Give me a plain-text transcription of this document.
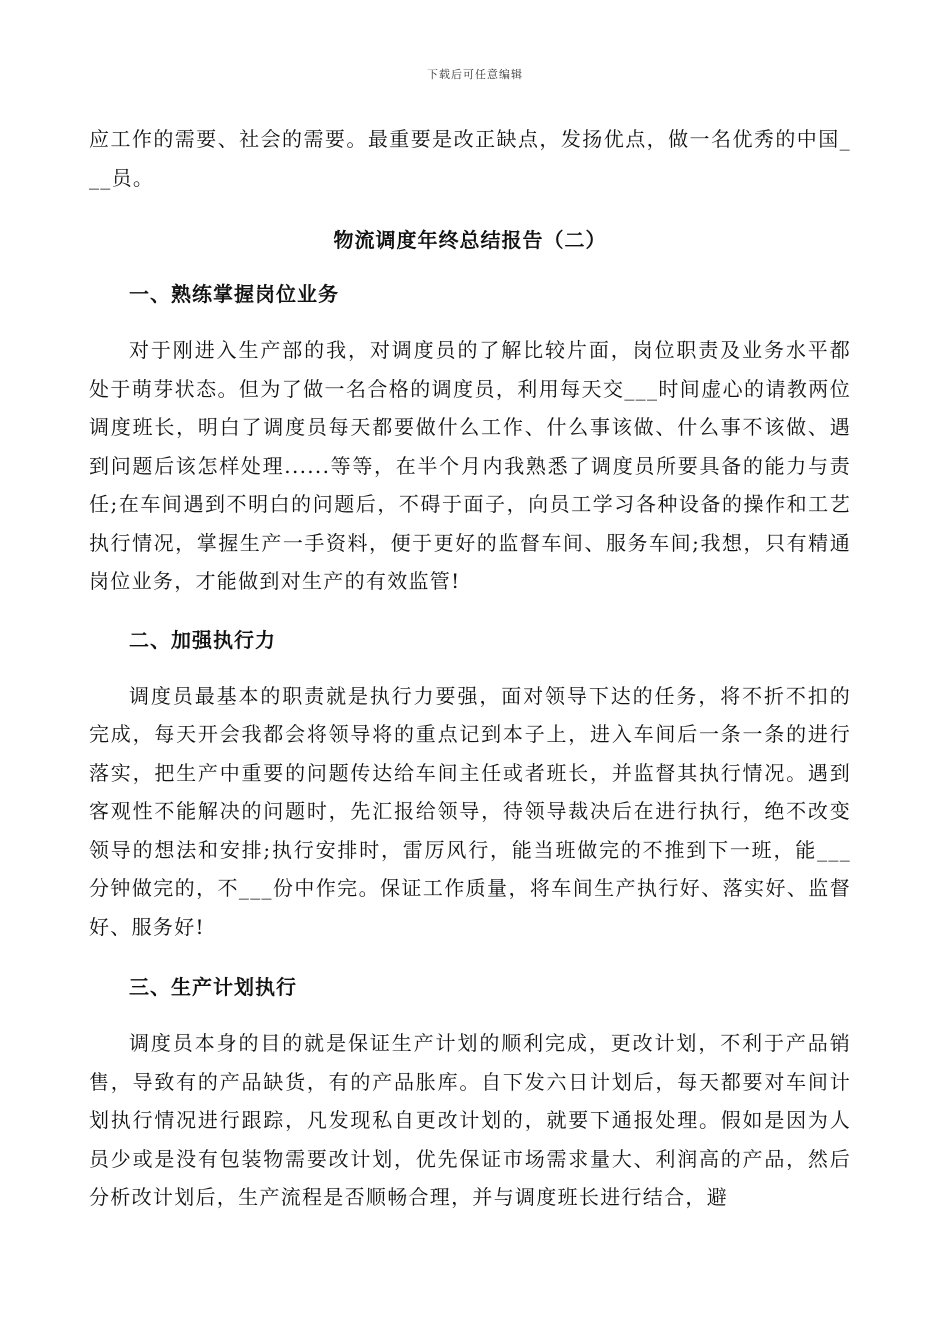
下载后可任意编辑

应工作的需要、社会的需要。最重要是改正缺点，发扬优点，做一名优秀的中国___员。

物流调度年终总结报告（二）
一、熟练掌握岗位业务

对于刚进入生产部的我，对调度员的了解比较片面，岗位职责及业务水平都处于萌芽状态。但为了做一名合格的调度员，利用每天交___时间虚心的请教两位调度班长，明白了调度员每天都要做什么工作、什么事该做、什么事不该做、遇到问题后该怎样处理......等等，在半个月内我熟悉了调度员所要具备的能力与责任;在车间遇到不明白的问题后，不碍于面子，向员工学习各种设备的操作和工艺执行情况，掌握生产一手资料，便于更好的监督车间、服务车间;我想，只有精通岗位业务，才能做到对生产的有效监管!

二、加强执行力

调度员最基本的职责就是执行力要强，面对领导下达的任务，将不折不扣的完成，每天开会我都会将领导将的重点记到本子上，进入车间后一条一条的进行落实，把生产中重要的问题传达给车间主任或者班长，并监督其执行情况。遇到客观性不能解决的问题时，先汇报给领导，待领导裁决后在进行执行，绝不改变领导的想法和安排;执行安排时，雷厉风行，能当班做完的不推到下一班，能___分钟做完的，不___份中作完。保证工作质量，将车间生产执行好、落实好、监督好、服务好!

三、生产计划执行

调度员本身的目的就是保证生产计划的顺利完成，更改计划，不利于产品销售，导致有的产品缺货，有的产品胀库。自下发六日计划后，每天都要对车间计划执行情况进行跟踪，凡发现私自更改计划的，就要下通报处理。假如是因为人员少或是没有包装物需要改计划，优先保证市场需求量大、利润高的产品，然后分析改计划后，生产流程是否顺畅合理，并与调度班长进行结合，避
